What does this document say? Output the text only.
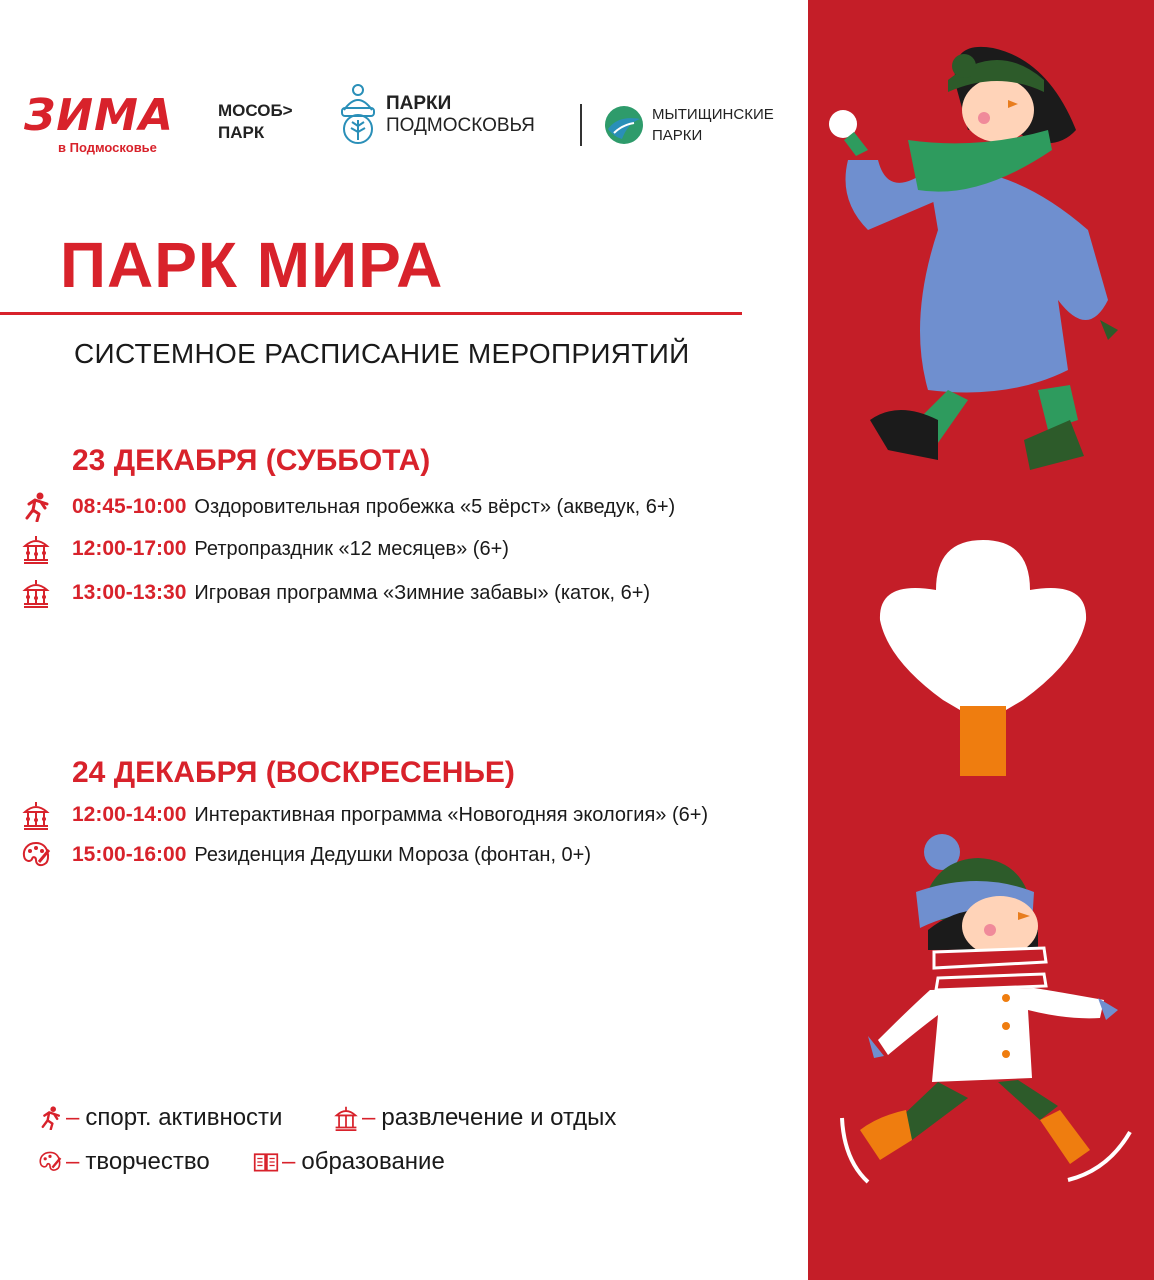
ЗИМА
в Подмосковье
МОСОБ>
ПАРК
ПАРКИ
ПОДМОСКОВЬЯ
МЫТИЩИНСКИЕ
ПАРКИ
ПАРК МИРА
СИСТЕМНОЕ РАСПИСАНИЕ МЕРОПРИЯТИЙ
23 ДЕКАБРЯ (СУББОТА)
08:45-10:00 Оздоровительная пробежка «5 вёрст» (акведук, 6+)
12:00-17:00 Ретропраздник «12 месяцев» (6+)
13:00-13:30 Игровая программа «Зимние забавы» (каток, 6+)
24 ДЕКАБРЯ (ВОСКРЕСЕНЬЕ)
12:00-14:00 Интерактивная программа «Новогодняя экология» (6+)
15:00-16:00 Резиденция Дедушки Мороза (фонтан, 0+)
– спорт. активности	– развлечение и отдых
– творчество	– образование
